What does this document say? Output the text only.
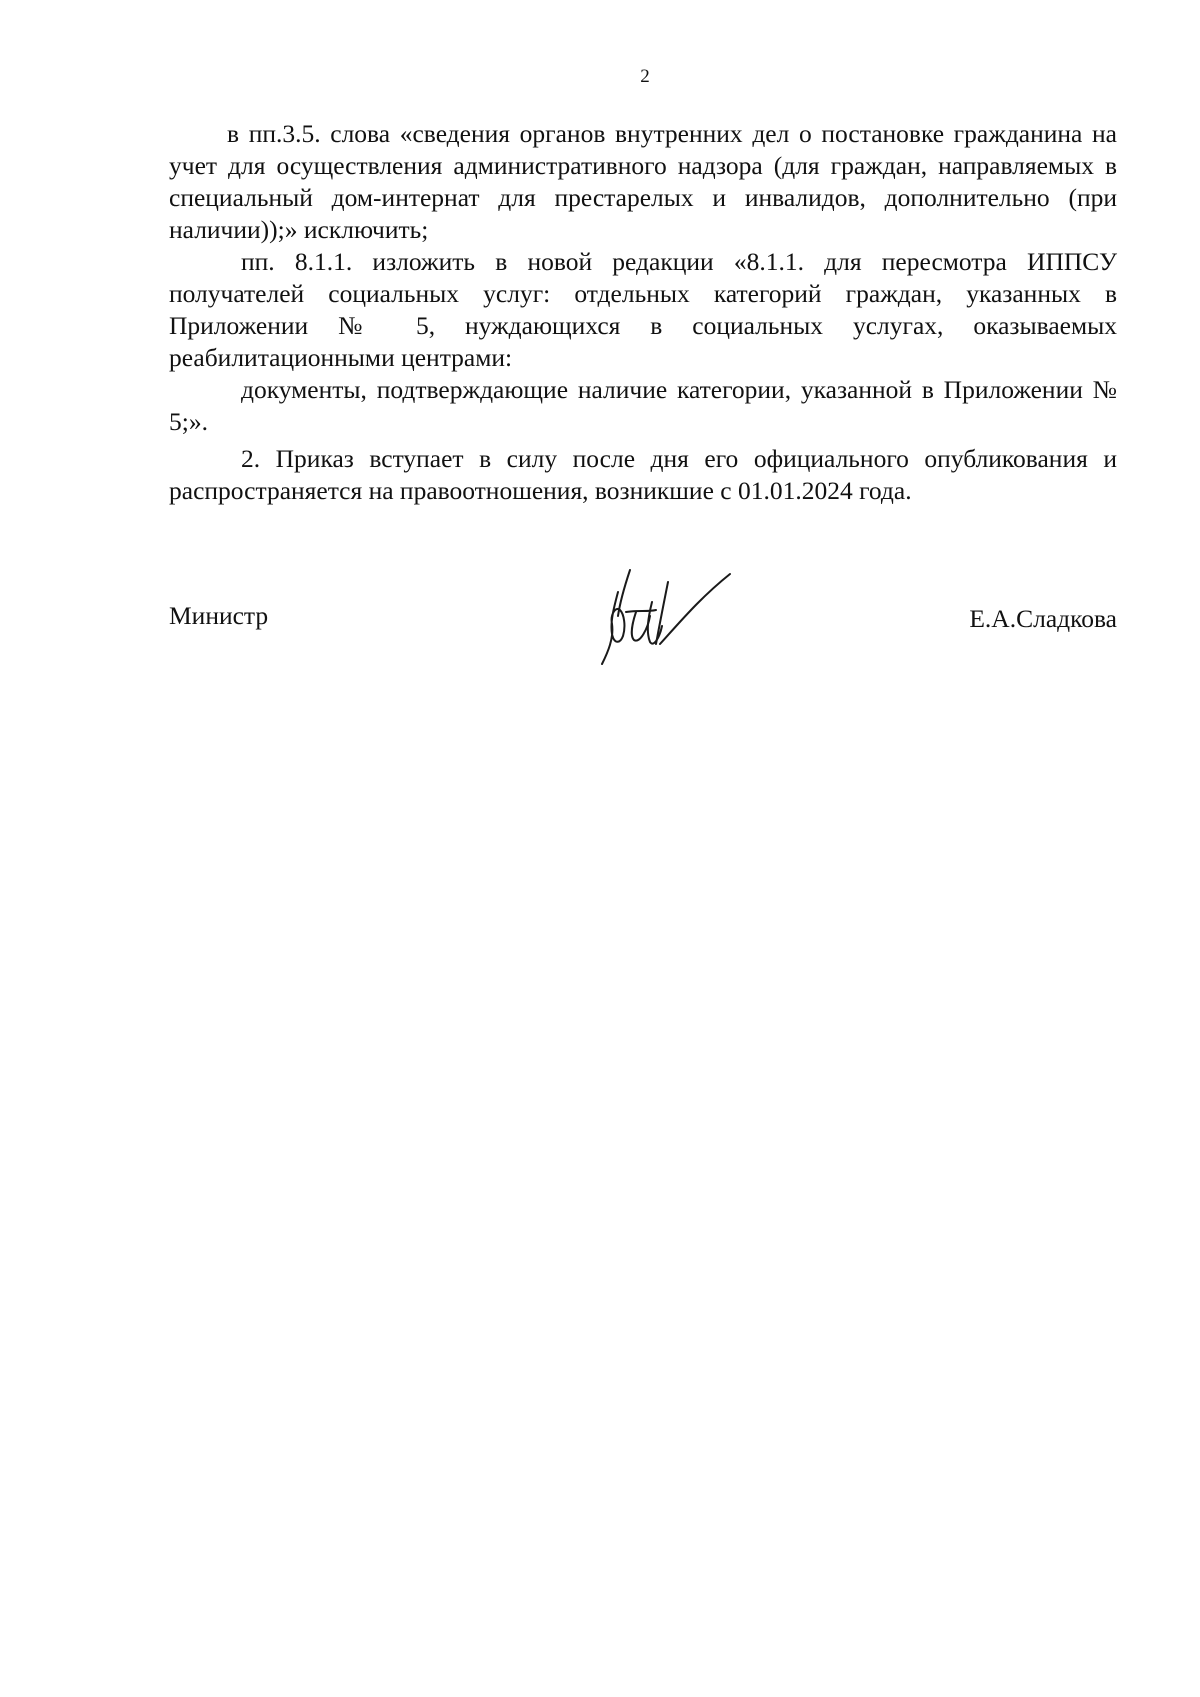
2

в пп.3.5. слова «сведения органов внутренних дел о постановке гражданина на учет для осуществления административного надзора (для граждан, направляемых в специальный дом-интернат для престарелых и инвалидов, дополнительно (при наличии));» исключить;

пп. 8.1.1. изложить в новой редакции «8.1.1. для пересмотра ИППСУ получателей социальных услуг: отдельных категорий граждан, указанных в Приложении № 5, нуждающихся в социальных услугах, оказываемых реабилитационными центрами:

документы, подтверждающие наличие категории, указанной в Приложении № 5;».

2. Приказ вступает в силу после дня его официального опубликования и распространяется на правоотношения, возникшие с 01.01.2024 года.

Министр	Е.А.Сладкова
